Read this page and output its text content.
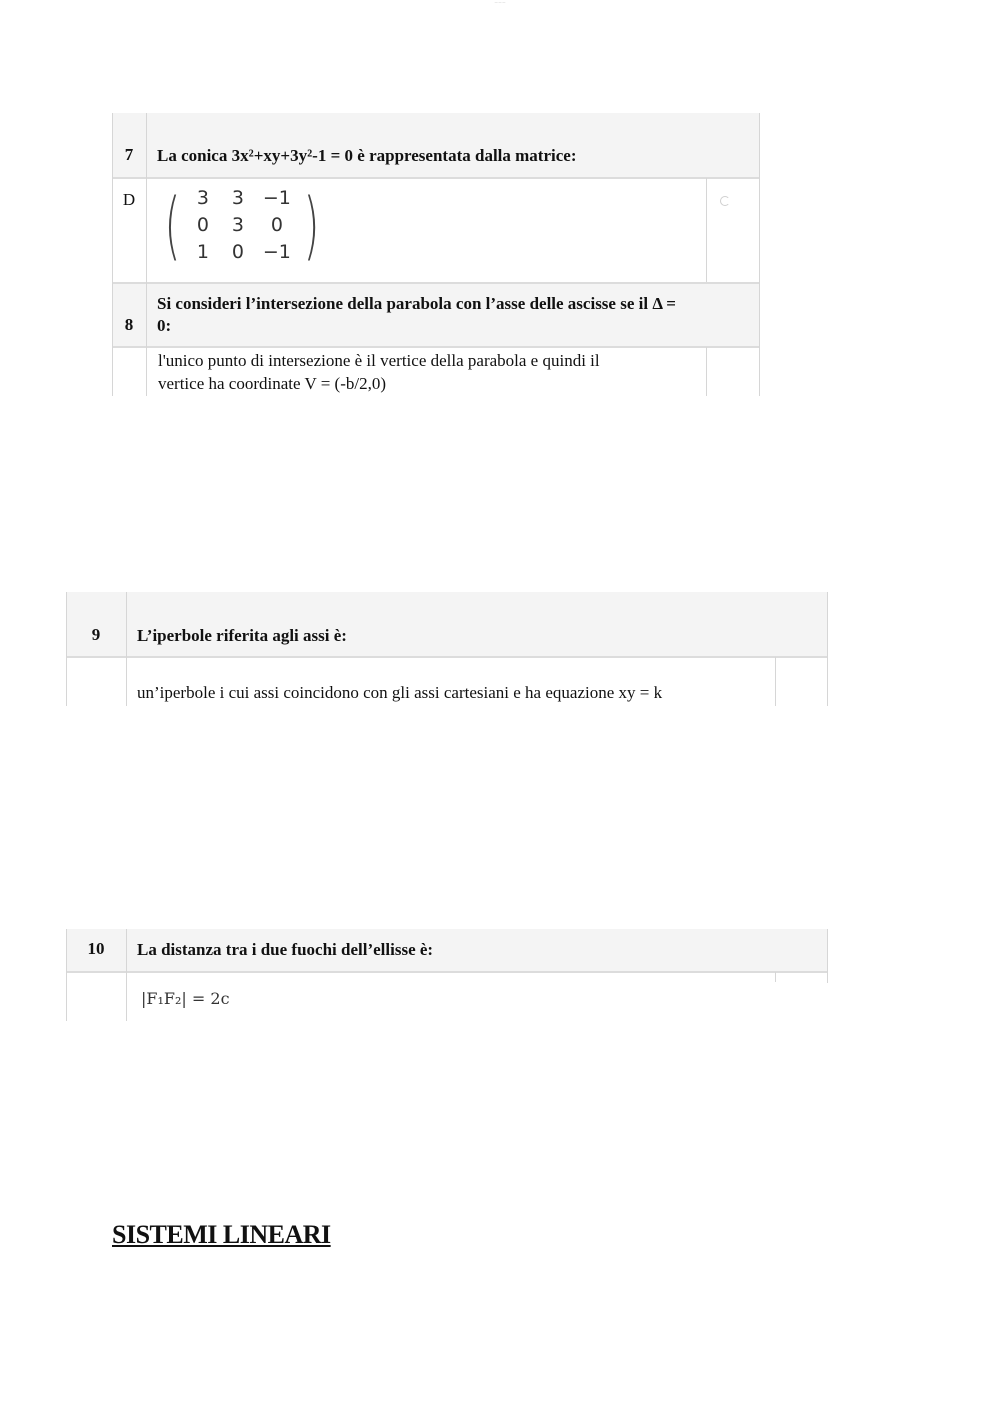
— — —
7	La conica 3x²+xy+3y²-1 = 0 è rappresentata dalla matrice:
D ( 3	3 −1
0	3	0
1	0 −1 )
8
Si consideri l’intersezione della parabola con l’asse delle ascisse se il Δ =
0:
l'unico punto di intersezione è il vertice della parabola e quindi il
vertice ha coordinate V = (-b/2,0)
9	L’iperbole riferita agli assi è:
un’iperbole i cui assi coincidono con gli assi cartesiani e ha equazione xy = k
10	La distanza tra i due fuochi dell’ellisse è:
|F₁F₂| = 2c
SISTEMI LINEARI
